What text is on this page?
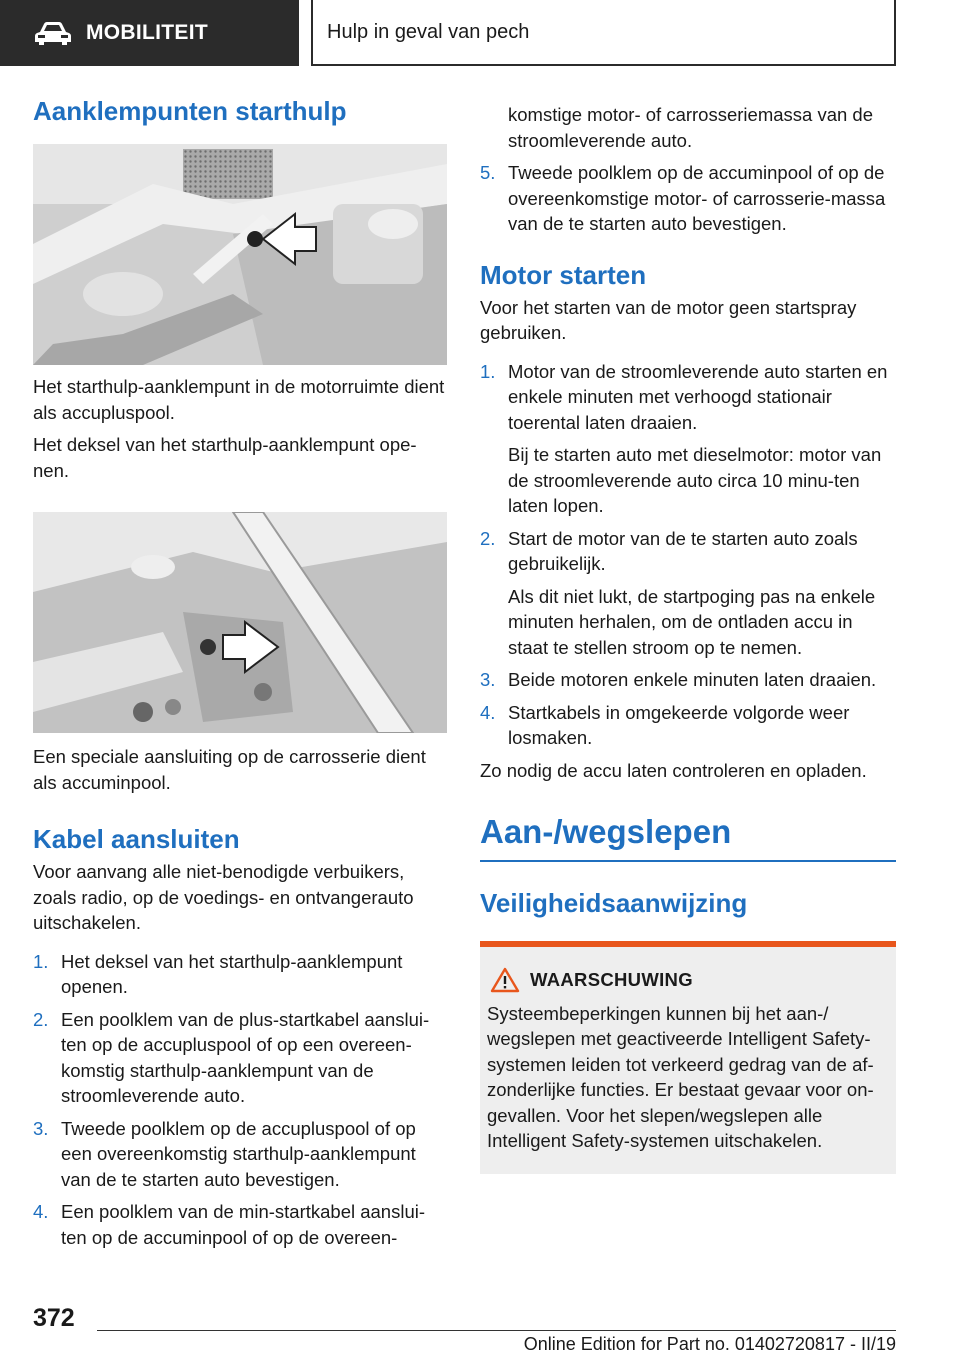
MOBILITEIT	Hulp in geval van pech
Aanklempunten starthulp

Het starthulp-aanklempunt in de motorruimte dient als accupluspool.

Het deksel van het starthulp-aanklempunt ope-nen.

Een speciale aansluiting op de carrosserie dient als accuminpool.

Kabel aansluiten

Voor aanvang alle niet-benodigde verbuikers, zoals radio, op de voedings- en ontvangerauto uitschakelen.

1. Het deksel van het starthulp-aanklempunt openen.
2. Een poolklem van de plus-startkabel aanslui-ten op de accupluspool of op een overeen-komstig starthulp-aanklempunt van de stroomleverende auto.
3. Tweede poolklem op de accupluspool of op een overeenkomstig starthulp-aanklempunt van de te starten auto bevestigen.
4. Een poolklem van de min-startkabel aanslui-ten op de accuminpool of op de overeen-
komstige motor- of carrosseriemassa van de stroomleverende auto.
5. Tweede poolklem op de accuminpool of op de overeenkomstige motor- of carrosserie-massa van de te starten auto bevestigen.
Motor starten

Voor het starten van de motor geen startspray gebruiken.

1. Motor van de stroomleverende auto starten en enkele minuten met verhoogd stationair toerental laten draaien.
Bij te starten auto met dieselmotor: motor van de stroomleverende auto circa 10 minu-ten laten lopen.
2. Start de motor van de te starten auto zoals gebruikelijk.
Als dit niet lukt, de startpoging pas na enkele minuten herhalen, om de ontladen accu in staat te stellen stroom op te nemen.
3. Beide motoren enkele minuten laten draaien.
4. Startkabels in omgekeerde volgorde weer losmaken.

Zo nodig de accu laten controleren en opladen.

Aan-/wegslepen
Veiligheidsaanwijzing
WAARSCHUWING

Systeembeperkingen kunnen bij het aan-/ wegslepen met geactiveerde Intelligent Safety-systemen leiden tot verkeerd gedrag van de af-zonderlijke functies. Er bestaat gevaar voor on-gevallen. Voor het slepen/wegslepen alle Intelligent Safety-systemen uitschakelen.

372
Online Edition for Part no. 01402720817 - II/19
